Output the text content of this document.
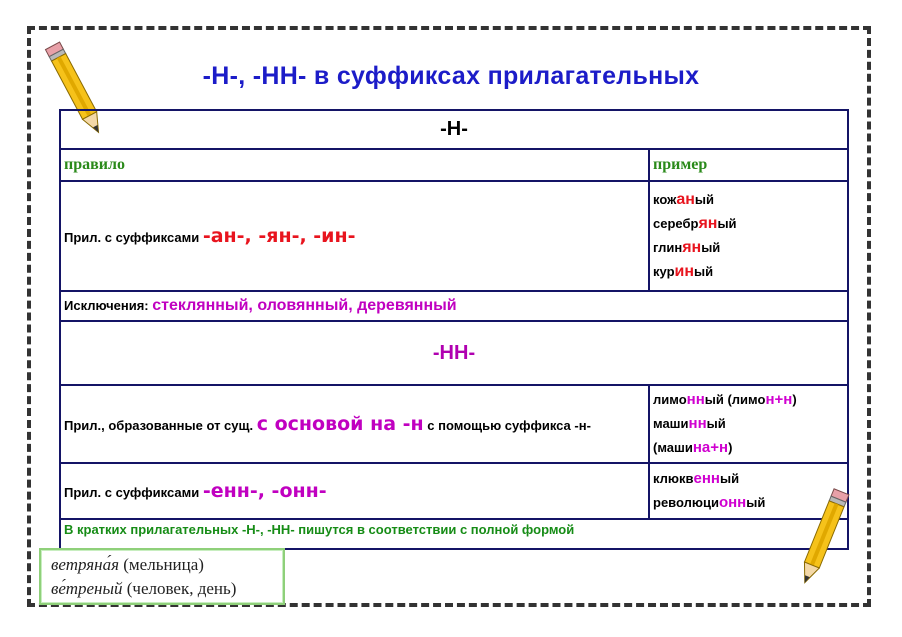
-Н-, -НН- в суффиксах прилагательных
-Н-	
правило	пример
Прил. с суффиксами -ан-, -ян-, -ин-	кожаный
серебряный
глиняный
куриный

Исключения: стеклянный, оловянный, деревянный	
-НН-	
Прил., образованные от сущ. с основой на -н с помощью суффикса -н-	лимонный (лимон+н)
машинный
(машина+н)

Прил. с суффиксами -енн-, -онн-	клюквенный
революционный

В кратких прилагательных -Н-, -НН- пишутся в соответствии с полной формой	
ветряна́я (мельница)
ве́треный (человек, день)
